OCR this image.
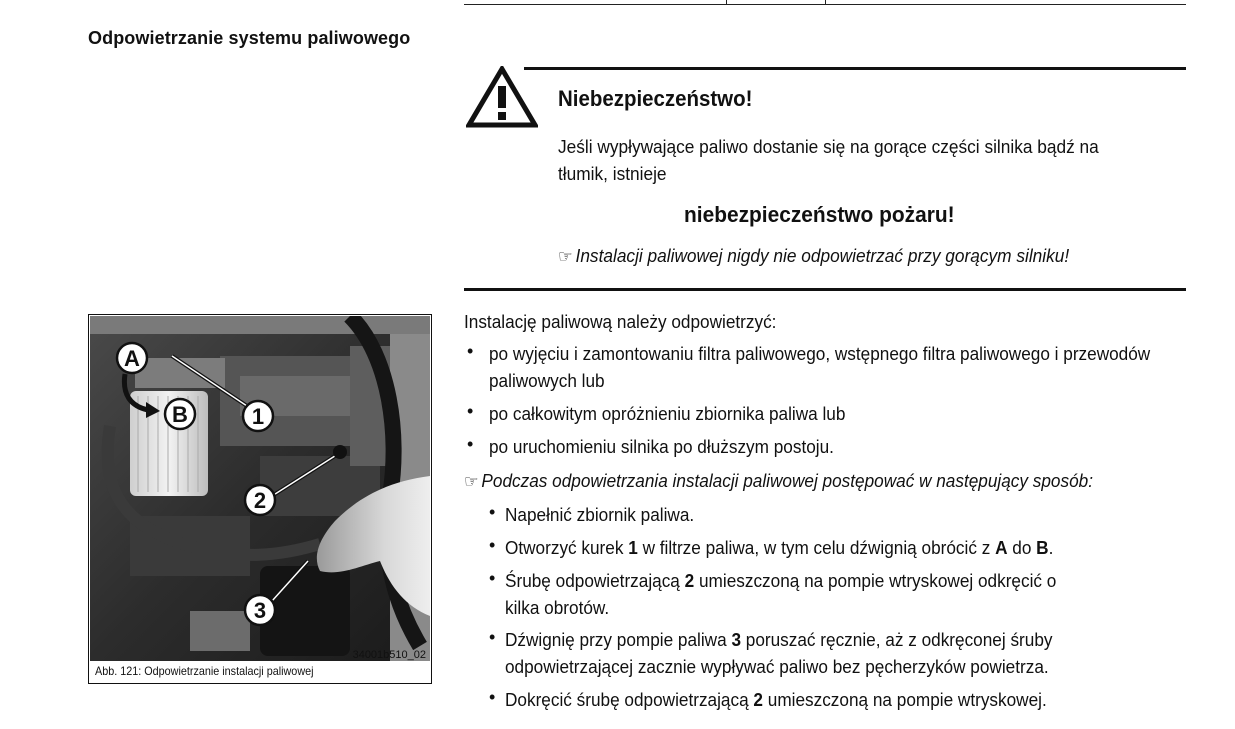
Odpowietrzanie systemu paliwowego
Niebezpieczeństwo!
Jeśli wypływające paliwo dostanie się na gorące części silnika bądź na tłumik, istnieje
niebezpieczeństwo pożaru!
☞ Instalacji paliwowej nigdy nie odpowietrzać przy gorącym silniku!
A
B	1
2
3
34001b510_02
Abb. 121: Odpowietrzanie instalacji paliwowej
Instalację paliwową należy odpowietrzyć:
• po wyjęciu i zamontowaniu filtra paliwowego, wstępnego filtra paliwowego i przewodów
paliwowych lub
• po całkowitym opróżnieniu zbiornika paliwa lub
• po uruchomieniu silnika po dłuższym postoju.
☞ Podczas odpowietrzania instalacji paliwowej postępować w następujący sposób:
• Napełnić zbiornik paliwa.
• Otworzyć kurek 1 w filtrze paliwa, w tym celu dźwignią obrócić z A do B.
• Śrubę odpowietrzającą 2 umieszczoną na pompie wtryskowej odkręcić o
kilka obrotów.
• Dźwignię przy pompie paliwa 3 poruszać ręcznie, aż z odkręconej śruby
odpowietrzającej zacznie wypływać paliwo bez pęcherzyków powietrza.
• Dokręcić śrubę odpowietrzającą 2 umieszczoną na pompie wtryskowej.
